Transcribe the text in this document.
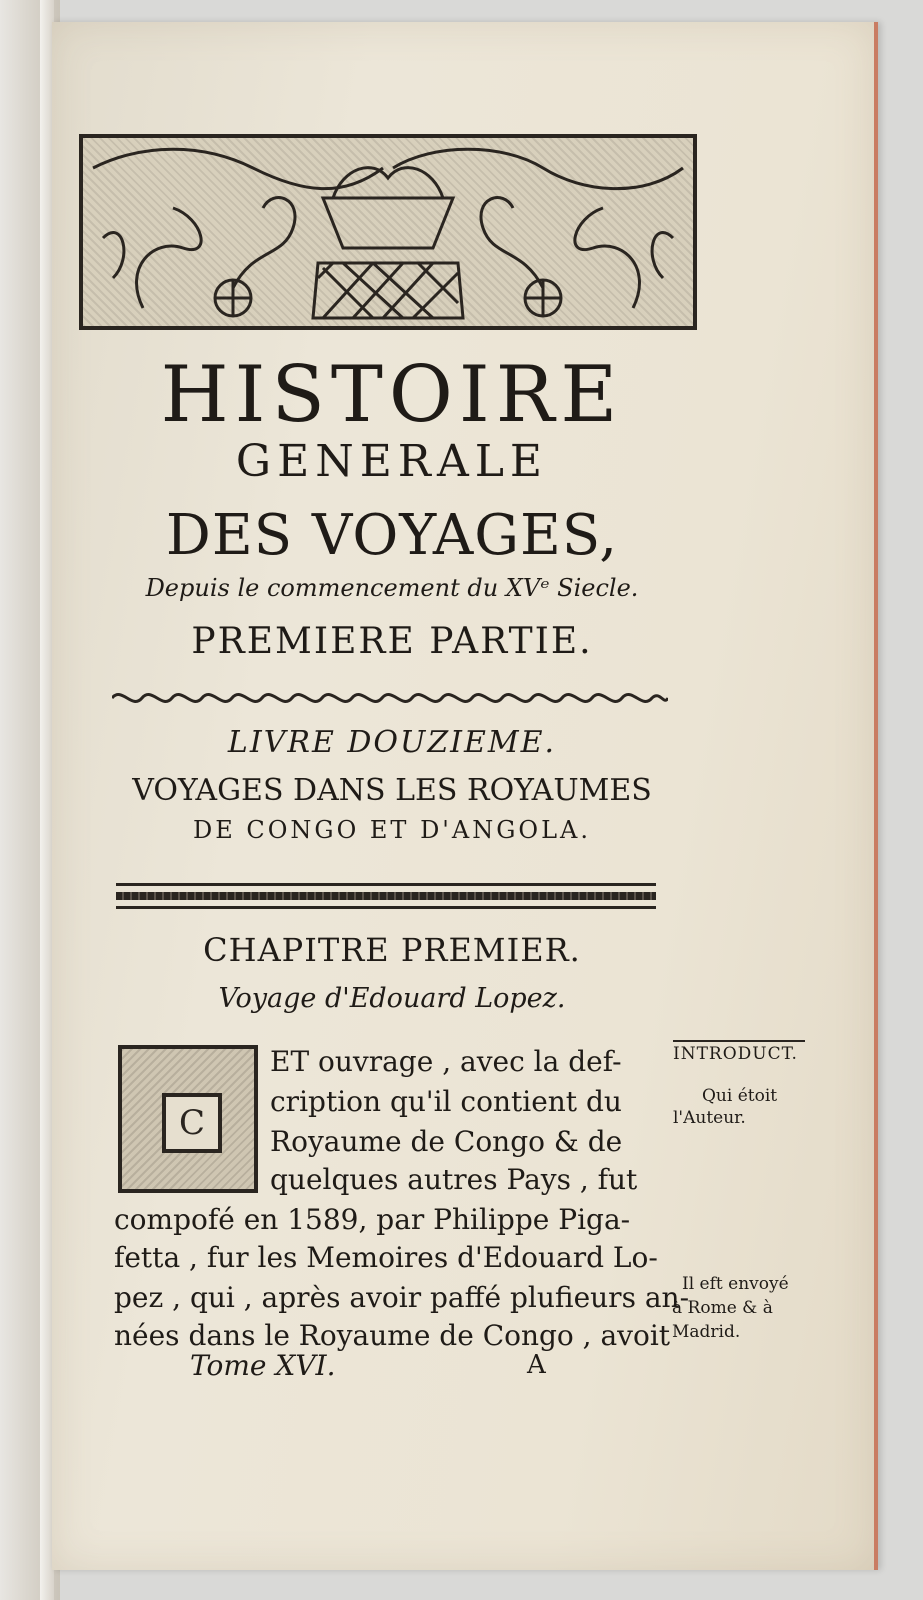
HISTOIRE
GENERALE
DES VOYAGES,
Depuis le commencement du XVᵉ Siecle.
PREMIERE PARTIE.
LIVRE DOUZIEME.
VOYAGES DANS LES ROYAUMES
DE CONGO ET D'ANGOLA.
CHAPITRE PREMIER.
Voyage d'Edouard Lopez.
C
ET ouvrage , avec la def-
cription qu'il contient du
Royaume de Congo & de
quelques autres Pays , fut
compofé en 1589, par Philippe Piga-
fetta , fur les Memoires d'Edouard Lo-
pez , qui , après avoir paffé plufieurs an-
nées dans le Royaume de Congo , avoit
INTRODUCT.
Qui étoit
l'Auteur.
Il eft envoyé
à Rome & à
Madrid.
Tome XVI.	A
